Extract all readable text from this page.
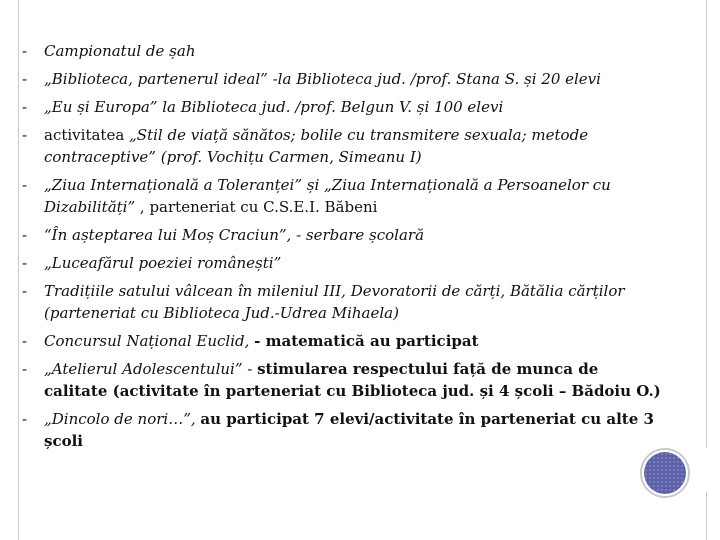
-	Campionatul de șah
-	„Biblioteca, partenerul ideal” -la Biblioteca jud. /prof. Stana S. și 20 elevi
-	„Eu și Europa” la Biblioteca jud. /prof. Belgun V. și 100 elevi
-	activitatea „Stil de viață sănătos; bolile cu transmitere sexuala; metode contraceptive” (prof. Vochițu Carmen, Simeanu I)
-	„Ziua Internațională a Toleranței” și „Ziua Internațională a Persoanelor cu Dizabilități” , parteneriat cu C.S.E.I. Băbeni
-	“În așteptarea lui Moș Craciun”, - serbare școlară
-	„Luceafărul poeziei românești”
-	Tradițiile satului vâlcean în mileniul III, Devoratorii de cărți, Bătălia cărților (parteneriat cu Biblioteca Jud.-Udrea Mihaela)
-	Concursul Național Euclid, - matematică au participat
-	„Atelierul Adolescentului” - stimularea respectului față de munca de calitate (activitate în parteneriat cu Biblioteca jud. și 4 școli – Bădoiu O.)
-	„Dincolo de nori…”, au participat 7 elevi/activitate în parteneriat cu alte 3 școli
